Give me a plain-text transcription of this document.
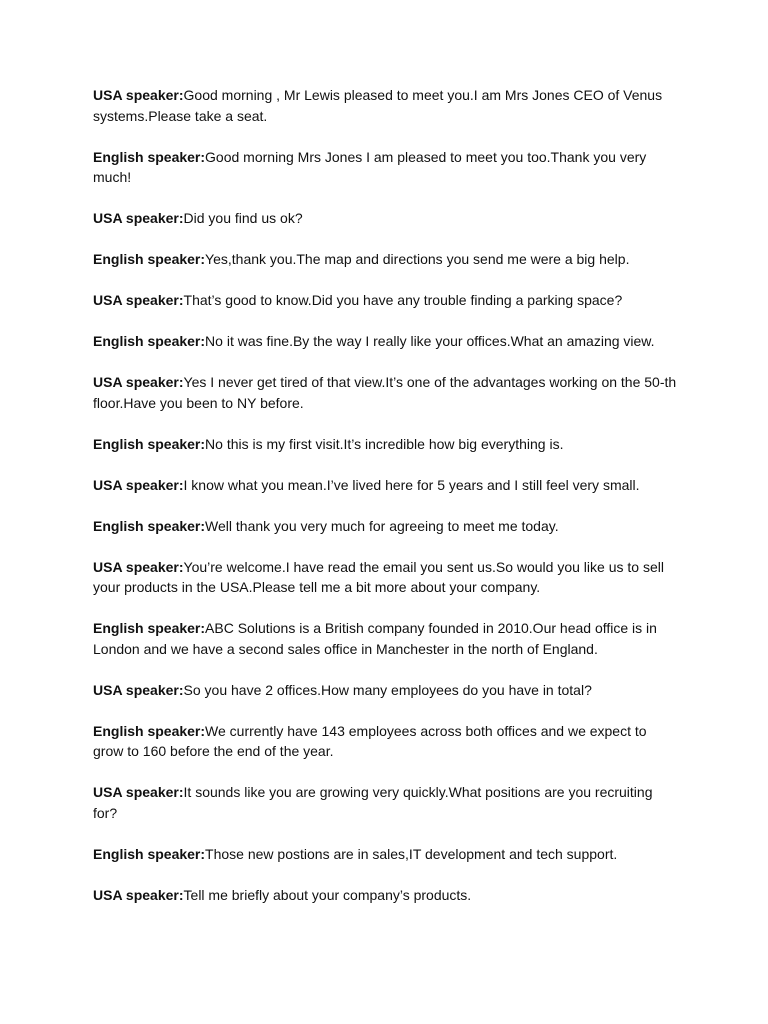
USA speaker:Good morning , Mr Lewis pleased to meet you.I am Mrs Jones CEO of Venus systems.Please take a seat.

English speaker:Good morning Mrs Jones I am pleased to meet you too.Thank you very much!

USA speaker:Did you find us ok?

English speaker:Yes,thank you.The map and directions you send me were a big help.

USA speaker:That’s good to know.Did you have any trouble finding a parking space?

English speaker:No it was fine.By the way I really like your offices.What an amazing view.

USA speaker:Yes I never get tired of that view.It’s one of the advantages working on the 50-th floor.Have you been to NY before.

English speaker:No this is my first visit.It’s incredible how big everything is.

USA speaker:I know what you mean.I’ve lived here for 5 years and I still feel very small.

English speaker:Well thank you very much for agreeing to meet me today.

USA speaker:You’re welcome.I have read the email you sent us.So would you like us to sell your products in the USA.Please tell me a bit more about your company.

English speaker:ABC Solutions is a British company founded in 2010.Our head office is in London and we have a second sales office in Manchester in the north of England.

USA speaker:So you have 2 offices.How many employees do you have in total?

English speaker:We currently have 143 employees across both offices and we expect to grow to 160 before the end of the year.

USA speaker:It sounds like you are growing very quickly.What positions are you recruiting for?

English speaker:Those new postions are in sales,IT development and tech support.

USA speaker:Tell me briefly about your company’s products.
